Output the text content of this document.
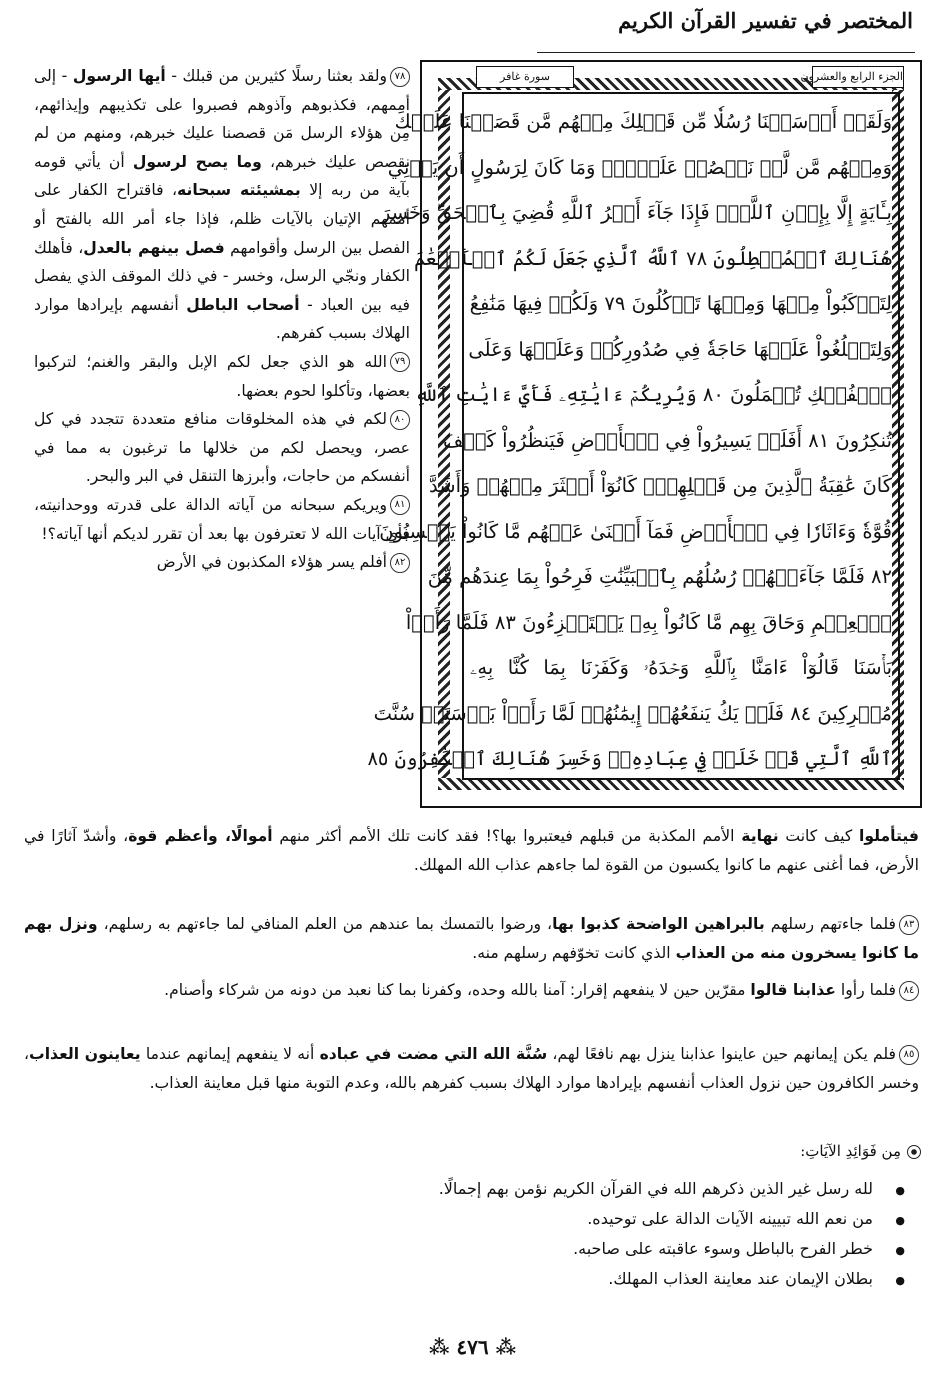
المختصر في تفسير القرآن الكريم
الجزء الرابع والعشرون
سورة غافر
وَلَقَدۡ أَرۡسَلۡنَا رُسُلٗا مِّن قَبۡلِكَ مِنۡهُم مَّن قَصَصۡنَا عَلَيۡكَ
وَمِنۡهُم مَّن لَّمۡ نَقۡصُصۡ عَلَيۡكَۗ وَمَا كَانَ لِرَسُولٍ أَن يَأۡتِيَ
بِـَٔايَةٍ إِلَّا بِإِذۡنِ ٱللَّهِۚ فَإِذَا جَآءَ أَمۡرُ ٱللَّهِ قُضِيَ بِٱلۡحَقِّ وَخَسِرَ
هُنَالِكَ ٱلۡمُبۡطِلُونَ ٧٨ ٱللَّهُ ٱلَّذِي جَعَلَ لَكُمُ ٱلۡأَنۡعَٰمَ
لِتَرۡكَبُواْ مِنۡهَا وَمِنۡهَا تَأۡكُلُونَ ٧٩ وَلَكُمۡ فِيهَا مَنَٰفِعُ
وَلِتَبۡلُغُواْ عَلَيۡهَا حَاجَةٗ فِي صُدُورِكُمۡ وَعَلَيۡهَا وَعَلَى
ٱلۡفُلۡكِ تُحۡمَلُونَ ٨٠ وَيُرِيكُمۡ ءَايَٰتِهِۦ فَأَيَّ ءَايَٰتِ ٱللَّهِ
تُنكِرُونَ ٨١ أَفَلَمۡ يَسِيرُواْ فِي ٱلۡأَرۡضِ فَيَنظُرُواْ كَيۡفَ
كَانَ عَٰقِبَةُ ٱلَّذِينَ مِن قَبۡلِهِمۡۚ كَانُوٓاْ أَكۡثَرَ مِنۡهُمۡ وَأَشَدَّ
قُوَّةٗ وَءَاثَارٗا فِي ٱلۡأَرۡضِ فَمَآ أَغۡنَىٰ عَنۡهُم مَّا كَانُواْ يَكۡسِبُونَ
٨٢ فَلَمَّا جَآءَتۡهُمۡ رُسُلُهُم بِٱلۡبَيِّنَٰتِ فَرِحُواْ بِمَا عِندَهُم مِّنَ
ٱلۡعِلۡمِ وَحَاقَ بِهِم مَّا كَانُواْ بِهِۦ يَسۡتَهۡزِءُونَ ٨٣ فَلَمَّا رَأَوۡاْ
بَأۡسَنَا قَالُوٓاْ ءَامَنَّا بِٱللَّهِ وَحۡدَهُۥ وَكَفَرۡنَا بِمَا كُنَّا بِهِۦ
مُشۡرِكِينَ ٨٤ فَلَمۡ يَكُ يَنفَعُهُمۡ إِيمَٰنُهُمۡ لَمَّا رَأَوۡاْ بَأۡسَنَاۖ سُنَّتَ
ٱللَّهِ ٱلَّتِي قَدۡ خَلَتۡ فِي عِبَادِهِۦۖ وَخَسِرَ هُنَالِكَ ٱلۡكَٰفِرُونَ ٨٥

٧٨ولقد بعثنا رسلًا كثيرين من قبلك - أيها الرسول - إلى أممهم، فكذبوهم وآذوهم فصبروا على تكذيبهم وإيذائهم، مِن هؤلاء الرسل مَن قصصنا عليك خبرهم، ومنهم من لم نقصص عليك خبرهم، وما يصح لرسول أن يأتي قومه بآية من ربه إلا بمشيئته سبحانه، فاقتراح الكفار على أممهم الإتيان بالآيات ظلم، فإذا جاء أمر الله بالفتح أو الفصل بين الرسل وأقوامهم فصل بينهم بالعدل، فأهلك الكفار ونجّي الرسل، وخسر - في ذلك الموقف الذي يفصل فيه بين العباد - أصحاب الباطل أنفسهم بإيرادها موارد الهلاك بسبب كفرهم.

٧٩الله هو الذي جعل لكم الإبل والبقر والغنم؛ لتركبوا بعضها، وتأكلوا لحوم بعضها.

٨٠لكم في هذه المخلوقات منافع متعددة تتجدد في كل عصر، ويحصل لكم من خلالها ما ترغبون به مما في أنفسكم من حاجات، وأبرزها التنقل في البر والبحر.

٨١ويريكم سبحانه من آياته الدالة على قدرته ووحدانيته، فأي آيات الله لا تعترفون بها بعد أن تقرر لديكم أنها آياته؟!

٨٢أفلم يسر هؤلاء المكذبون في الأرض

فيتأملوا كيف كانت نهاية الأمم المكذبة من قبلهم فيعتبروا بها؟! فقد كانت تلك الأمم أكثر منهم أموالًا، وأعظم قوة، وأشدّ آثارًا في الأرض، فما أغنى عنهم ما كانوا يكسبون من القوة لما جاءهم عذاب الله المهلك.
٨٣فلما جاءتهم رسلهم بالبراهين الواضحة كذبوا بها، ورضوا بالتمسك بما عندهم من العلم المنافي لما جاءتهم به رسلهم، ونزل بهم ما كانوا يسخرون منه من العذاب الذي كانت تخوّفهم رسلهم منه.
٨٤فلما رأوا عذابنا قالوا مقرّين حين لا ينفعهم إقرار: آمنا بالله وحده، وكفرنا بما كنا نعبد من دونه من شركاء وأصنام.
٨٥فلم يكن إيمانهم حين عاينوا عذابنا ينزل بهم نافعًا لهم، سُنَّة الله التي مضت في عباده أنه لا ينفعهم إيمانهم عندما يعاينون العذاب، وخسر الكافرون حين نزول العذاب أنفسهم بإيرادها موارد الهلاك بسبب كفرهم بالله، وعدم التوبة منها قبل معاينة العذاب.
مِن فَوَائِدِ الآيَاتِ:
● لله رسل غير الذين ذكرهم الله في القرآن الكريم نؤمن بهم إجمالًا.
● من نعم الله تبيينه الآيات الدالة على توحيده.
● خطر الفرح بالباطل وسوء عاقبته على صاحبه.
● بطلان الإيمان عند معاينة العذاب المهلك.
⁂ ٤٧٦ ⁂
